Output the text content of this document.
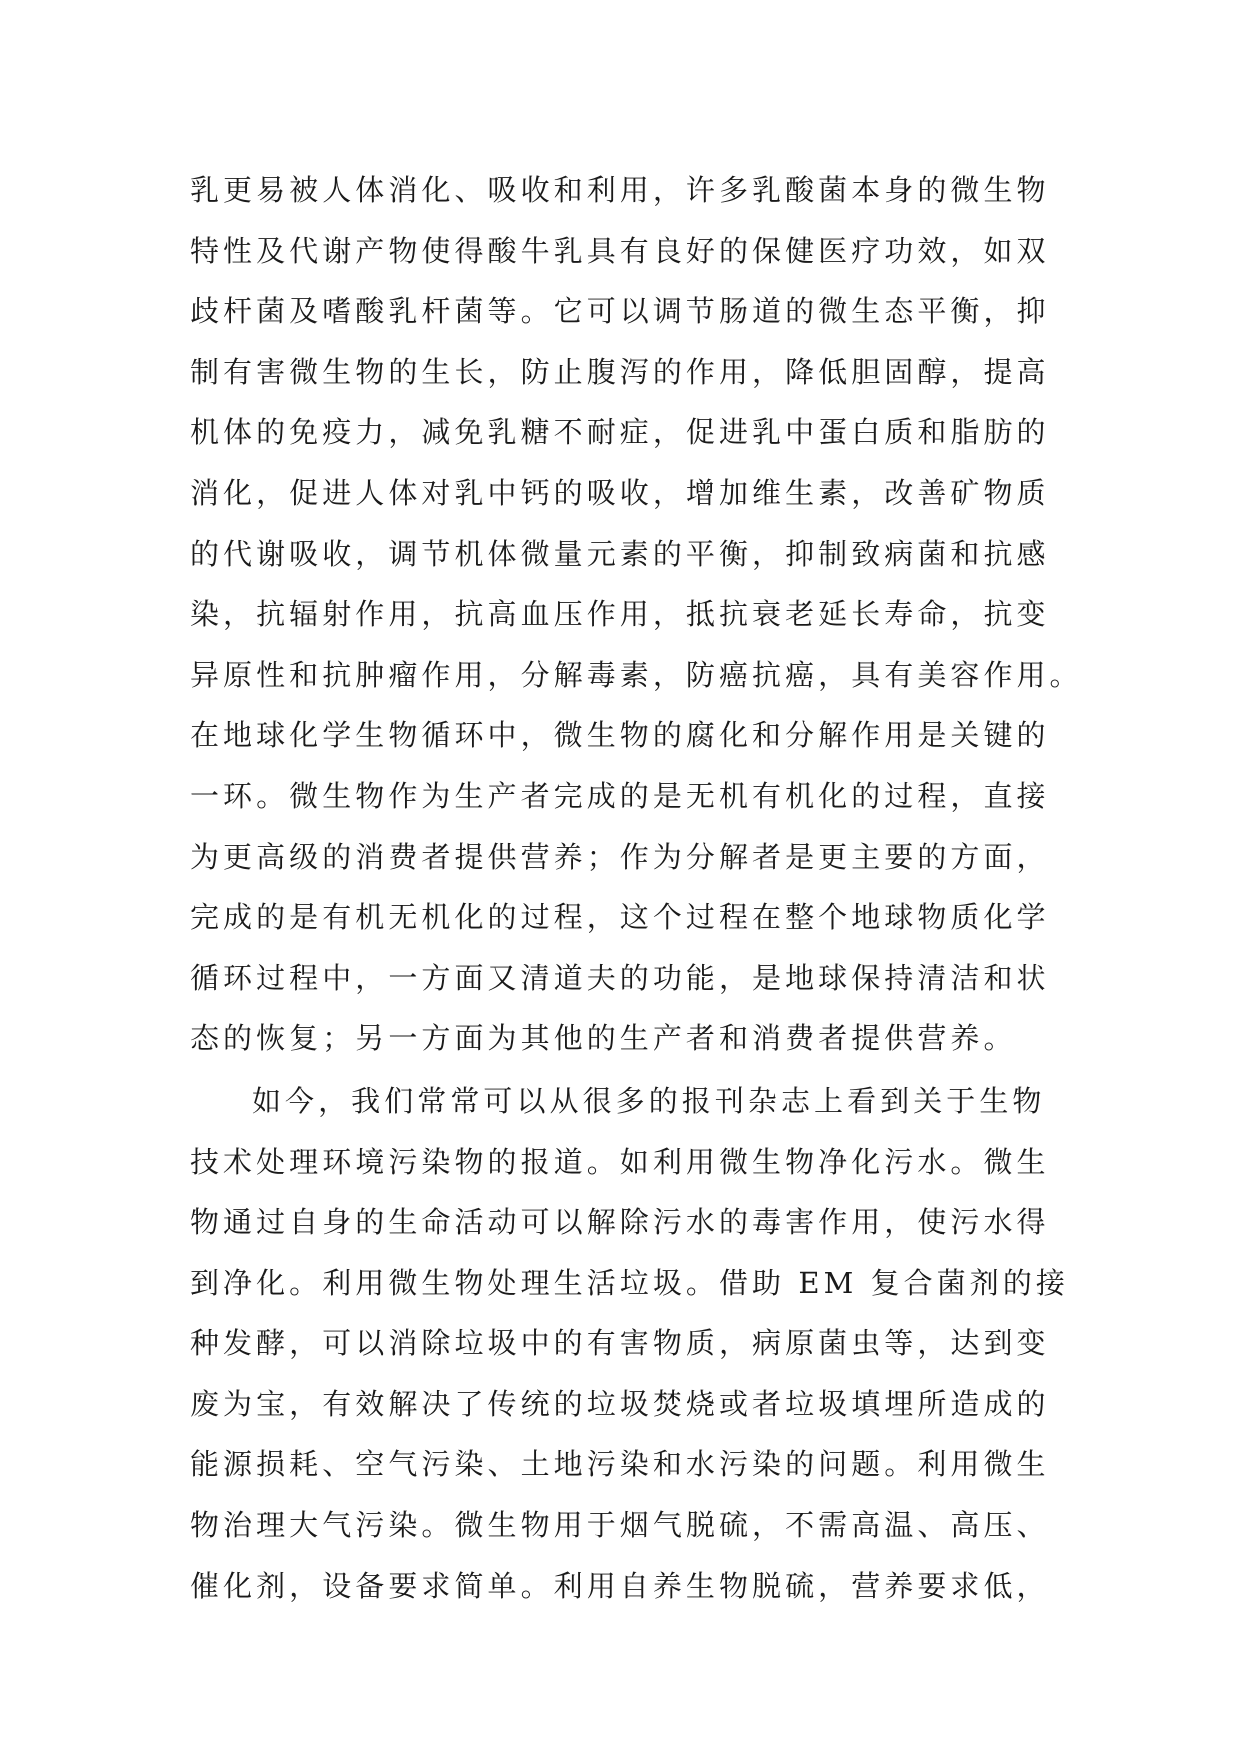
乳更易被人体消化、吸收和利用，许多乳酸菌本身的微生物
特性及代谢产物使得酸牛乳具有良好的保健医疗功效，如双
歧杆菌及嗜酸乳杆菌等。它可以调节肠道的微生态平衡，抑
制有害微生物的生长，防止腹泻的作用，降低胆固醇，提高
机体的免疫力，减免乳糖不耐症，促进乳中蛋白质和脂肪的
消化，促进人体对乳中钙的吸收，增加维生素，改善矿物质
的代谢吸收，调节机体微量元素的平衡，抑制致病菌和抗感
染，抗辐射作用，抗高血压作用，抵抗衰老延长寿命，抗变
异原性和抗肿瘤作用，分解毒素，防癌抗癌，具有美容作用。
在地球化学生物循环中，微生物的腐化和分解作用是关键的
一环。微生物作为生产者完成的是无机有机化的过程，直接
为更高级的消费者提供营养；作为分解者是更主要的方面，
完成的是有机无机化的过程，这个过程在整个地球物质化学
循环过程中，一方面又清道夫的功能，是地球保持清洁和状
态的恢复；另一方面为其他的生产者和消费者提供营养。
如今，我们常常可以从很多的报刊杂志上看到关于生物
技术处理环境污染物的报道。如利用微生物净化污水。微生
物通过自身的生命活动可以解除污水的毒害作用，使污水得
到净化。利用微生物处理生活垃圾。借助 EM 复合菌剂的接
种发酵，可以消除垃圾中的有害物质，病原菌虫等，达到变
废为宝，有效解决了传统的垃圾焚烧或者垃圾填埋所造成的
能源损耗、空气污染、土地污染和水污染的问题。利用微生
物治理大气污染。微生物用于烟气脱硫，不需高温、高压、
催化剂，设备要求简单。利用自养生物脱硫，营养要求低，
